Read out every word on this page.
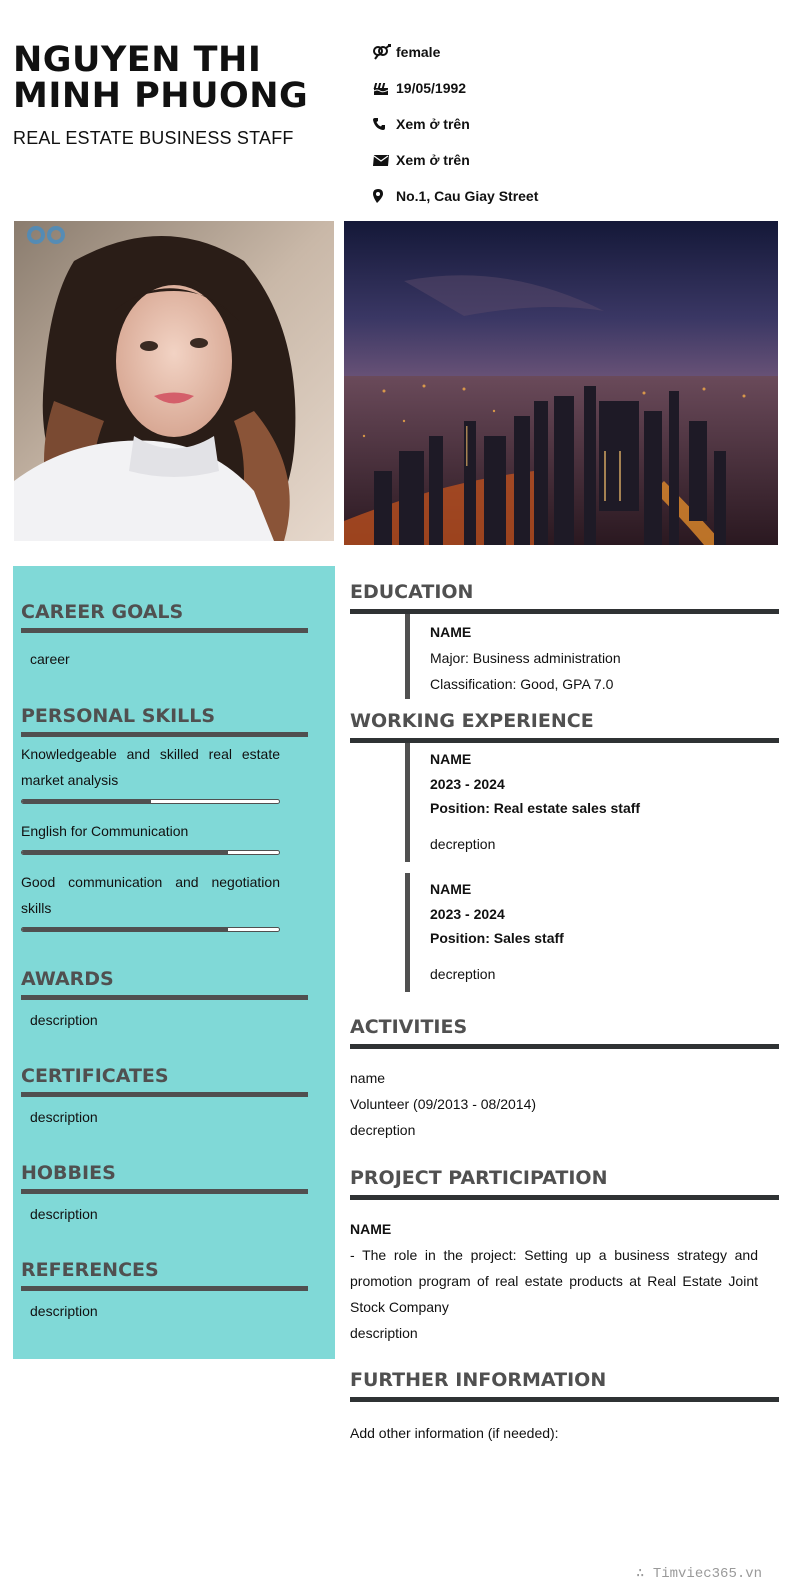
NGUYEN THI
MINH PHUONG
REAL ESTATE BUSINESS STAFF
female
19/05/1992
Xem ở trên
Xem ở trên
No.1, Cau Giay Street
CAREER GOALS
career
PERSONAL SKILLS
Knowledgeable and skilled real estate market analysis
English for Communication
Good communication and negotiation skills
AWARDS
description
CERTIFICATES
description
HOBBIES
description
REFERENCES
description
EDUCATION
NAME
Major: Business administration
Classification: Good, GPA 7.0
WORKING EXPERIENCE
NAME
2023 - 2024
Position: Real estate sales staff
decreption
NAME
2023 - 2024
Position: Sales staff
decreption
ACTIVITIES
name
Volunteer (09/2013 - 08/2014)
decreption
PROJECT PARTICIPATION
NAME
- The role in the project: Setting up a business strategy and promotion program of real estate products at Real Estate Joint Stock Company
description
FURTHER INFORMATION
Add other information (if needed):
∴ Timviec365.vn
